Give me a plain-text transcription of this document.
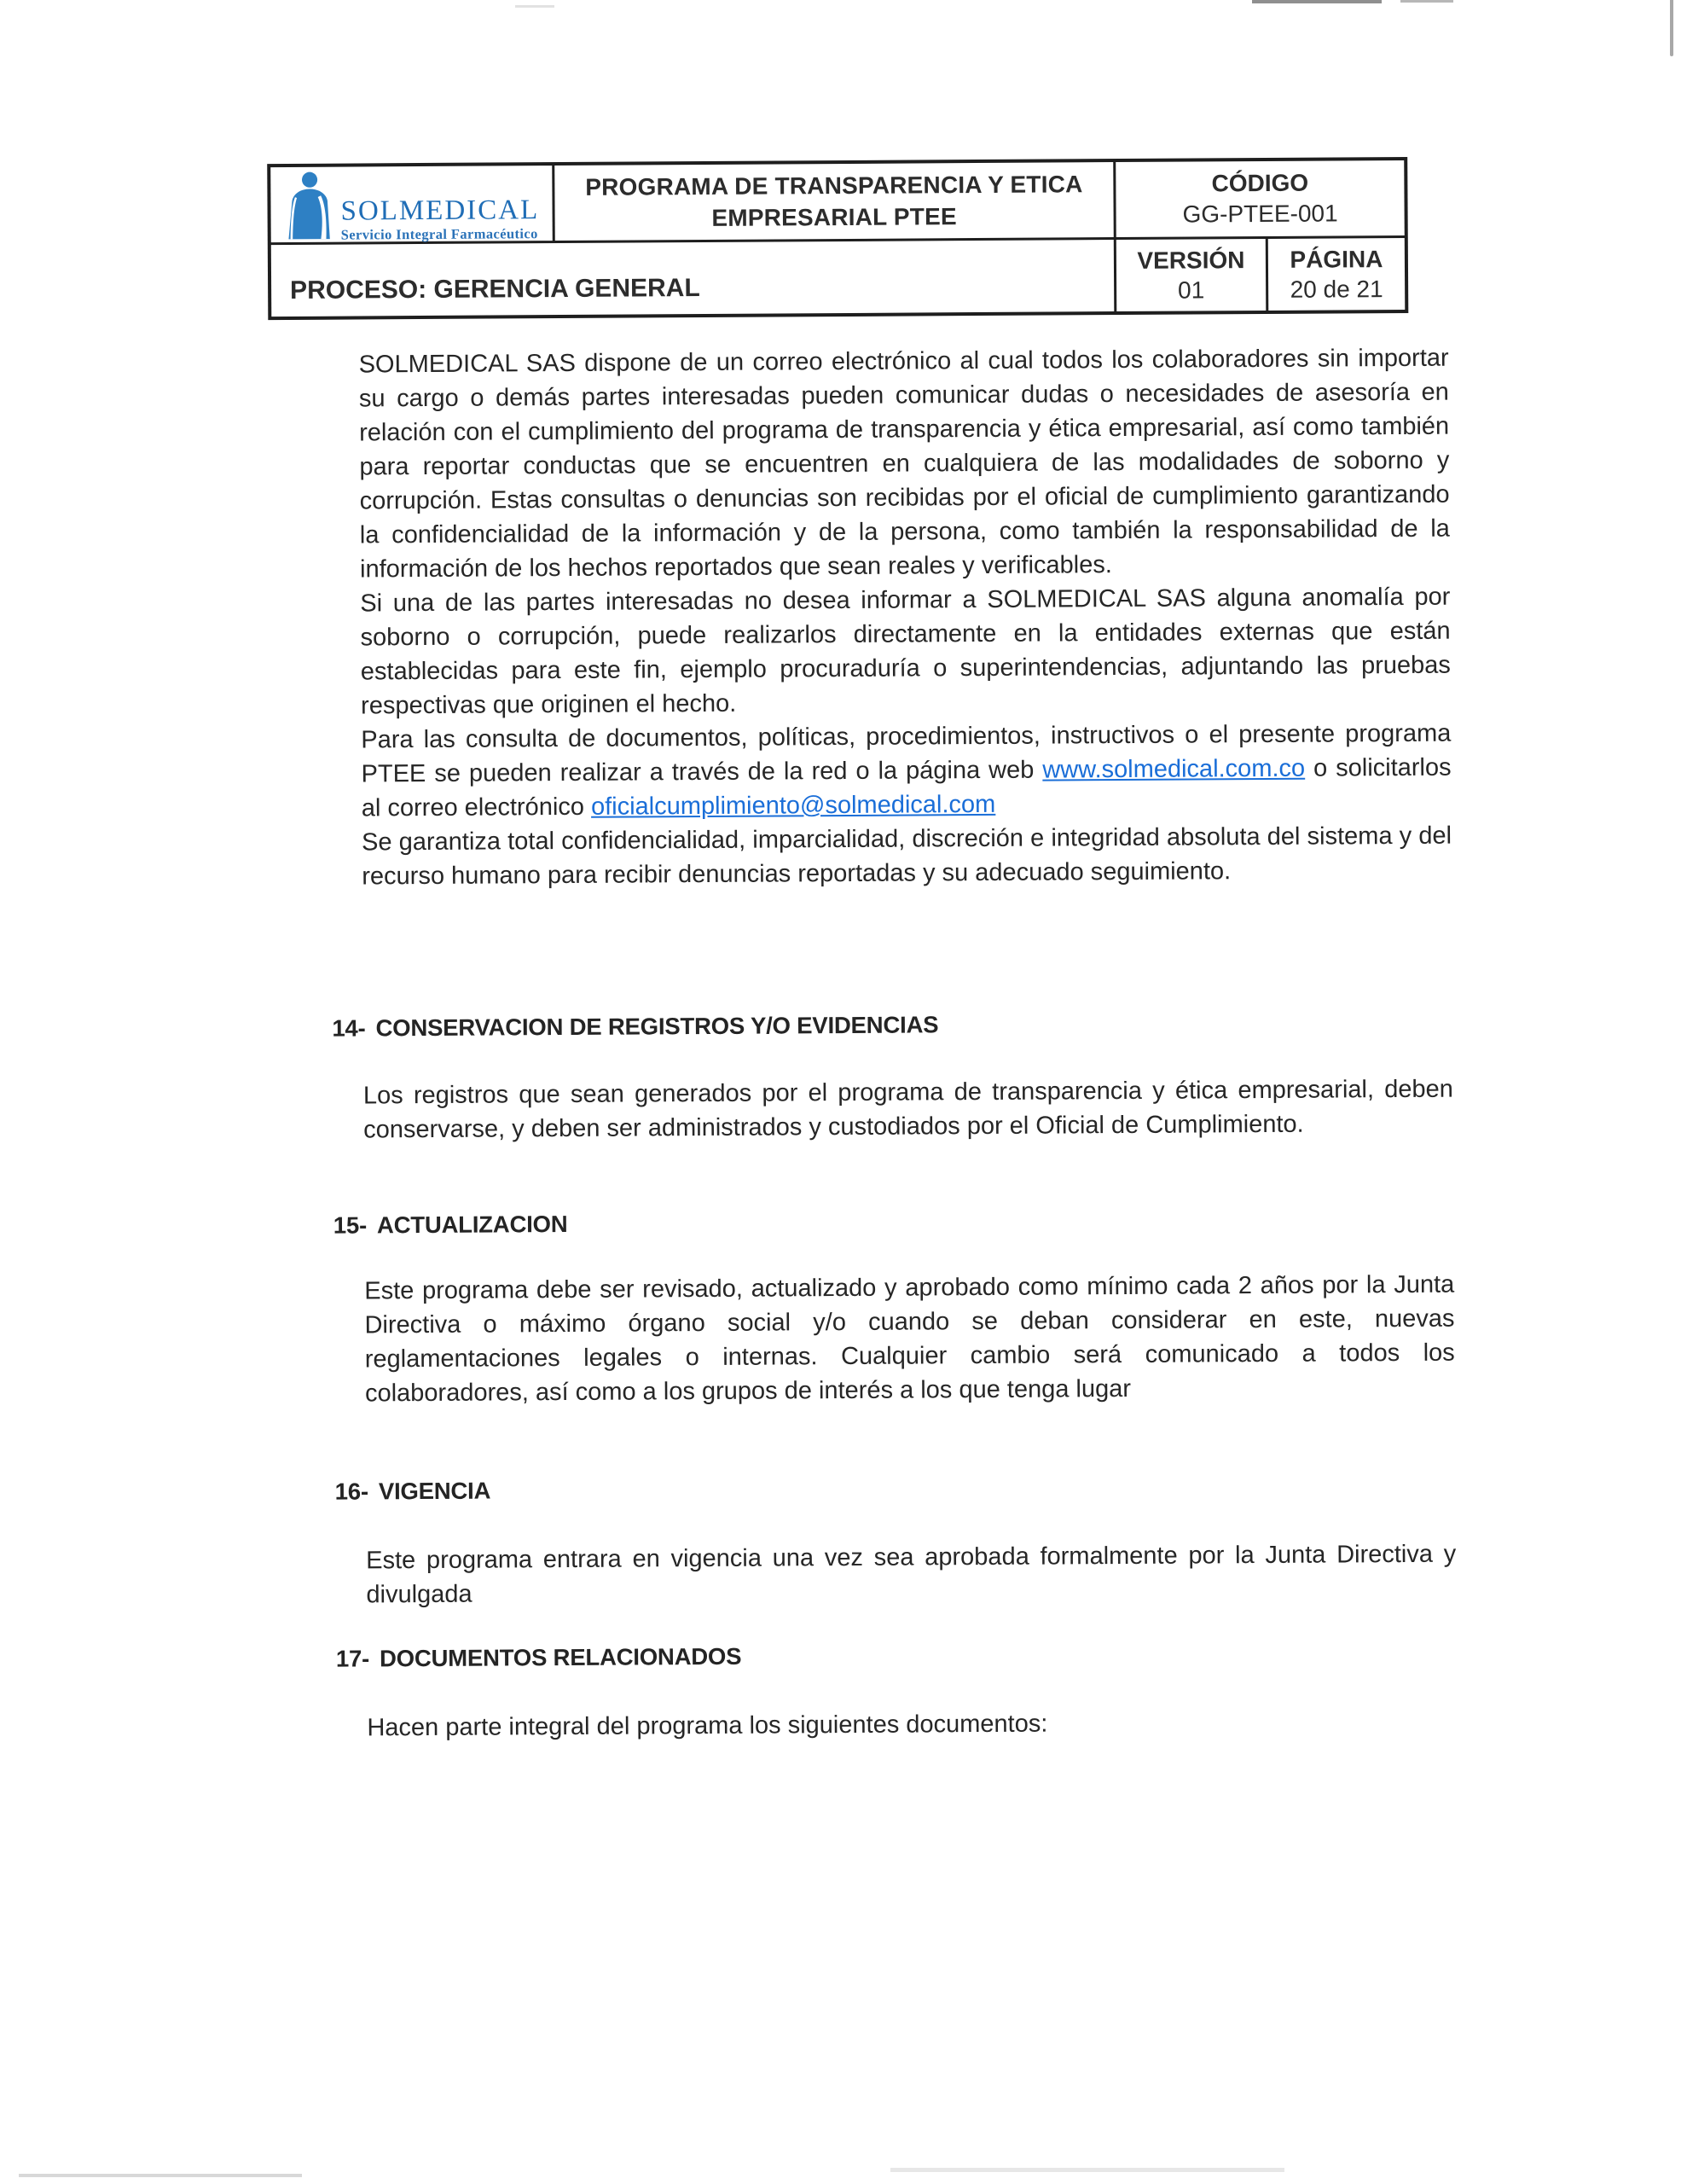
SOLMEDICAL
Servicio Integral Farmacéutico
PROGRAMA DE TRANSPARENCIA Y ETICA
EMPRESARIAL PTEE
CÓDIGO
GG-PTEE-001
PROCESO: GERENCIA GENERAL
VERSIÓN
01
PÁGINA
20 de 21

SOLMEDICAL SAS dispone de un correo electrónico al cual todos los colaboradores sin importar su cargo o demás partes interesadas pueden comunicar dudas o necesidades de asesoría en relación con el cumplimiento del programa de transparencia y ética empresarial, así como también para reportar conductas que se encuentren en cualquiera de las modalidades de soborno y corrupción. Estas consultas o denuncias son recibidas por el oficial de cumplimiento garantizando la confidencialidad de la información y de la persona, como también la responsabilidad de la información de los hechos reportados que sean reales y verificables.

Si una de las partes interesadas no desea informar a SOLMEDICAL SAS alguna anomalía por soborno o corrupción, puede realizarlos directamente en la entidades externas que están establecidas para este fin, ejemplo procuraduría o superintendencias, adjuntando las pruebas respectivas que originen el hecho.

Para las consulta de documentos, políticas, procedimientos, instructivos o el presente programa PTEE se pueden realizar a través de la red o la página web www.solmedical.com.co o solicitarlos al correo electrónico oficialcumplimiento@solmedical.com

Se garantiza total confidencialidad, imparcialidad, discreción e integridad absoluta del sistema y del recurso humano para recibir denuncias reportadas y su adecuado seguimiento.

14- CONSERVACION DE REGISTROS Y/O EVIDENCIAS

Los registros que sean generados por el programa de transparencia y ética empresarial, deben conservarse, y deben ser administrados y custodiados por el Oficial de Cumplimiento.

15- ACTUALIZACION

Este programa debe ser revisado, actualizado y aprobado como mínimo cada 2 años por la Junta Directiva o máximo órgano social y/o cuando se deban considerar en este, nuevas reglamentaciones legales o internas. Cualquier cambio será comunicado a todos los colaboradores, así como a los grupos de interés a los que tenga lugar

16- VIGENCIA

Este programa entrara en vigencia una vez sea aprobada formalmente por la Junta Directiva y divulgada

17- DOCUMENTOS RELACIONADOS

Hacen parte integral del programa los siguientes documentos:
